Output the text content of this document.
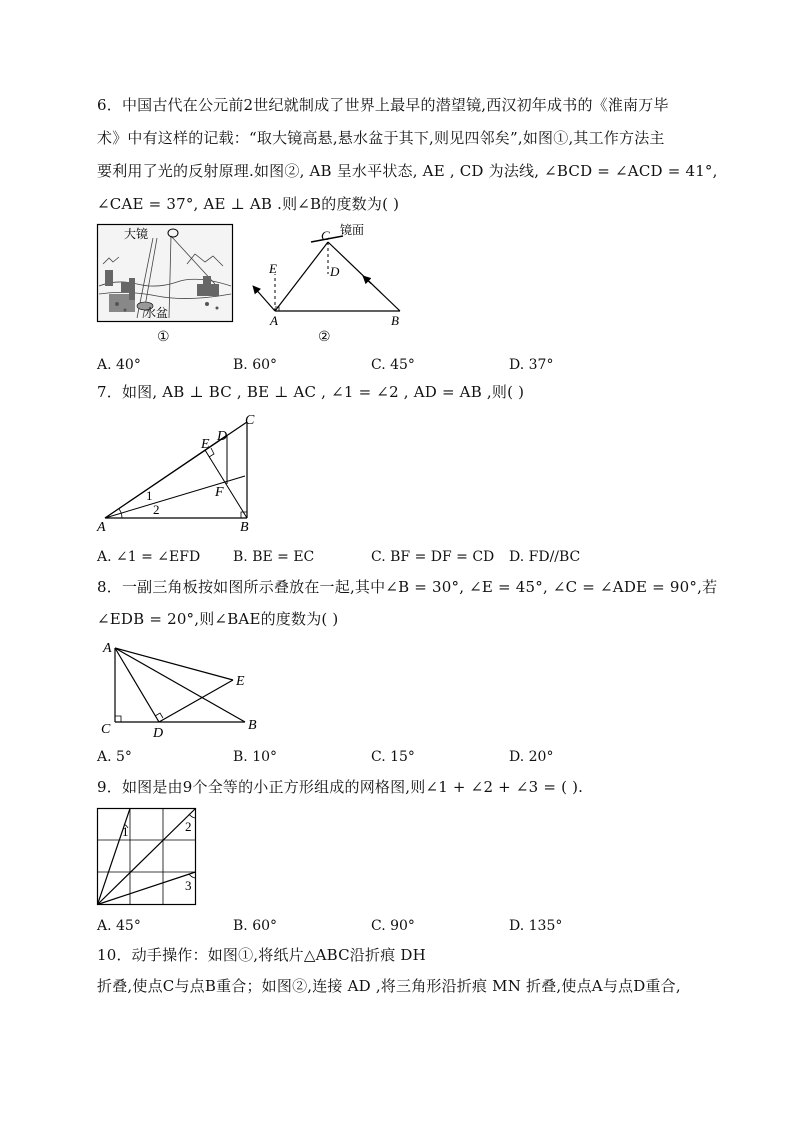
6．中国古代在公元前2世纪就制成了世界上最早的潜望镜,西汉初年成书的《淮南万毕
术》中有这样的记载：“取大镜高悬,悬水盆于其下,则见四邻矣”,如图①,其工作方法主
要利用了光的反射原理.如图②, AB 呈水平状态, AE , CD 为法线, ∠BCD = ∠ACD = 41°,
∠CAE = 37°, AE ⊥ AB .则∠B的度数为( )
大镜
水盆
①
C 镜面
E	D
A	B
②
A. 40°	B. 60°	C. 45°	D. 37°
7．如图, AB ⊥ BC , BE ⊥ AC , ∠1 = ∠2 , AD = AB ,则( )
C
E
D
F
A	B
1
2
A. ∠1 = ∠EFD B. BE = EC	C. BF = DF = CD D. FD//BC
8．一副三角板按如图所示叠放在一起,其中∠B = 30°, ∠E = 45°, ∠C = ∠ADE = 90°,若
∠EDB = 20°,则∠BAE的度数为( )
A
E
C	D
B
A. 5°	B. 10°	C. 15°	D. 20°
9．如图是由9个全等的小正方形组成的网格图,则∠1 + ∠2 + ∠3 = ( ).
1	2
3
A. 45°	B. 60°	C. 90°	D. 135°
10．动手操作：如图①,将纸片△ABC沿折痕 DH
折叠,使点C与点B重合；如图②,连接 AD ,将三角形沿折痕 MN 折叠,使点A与点D重合,
